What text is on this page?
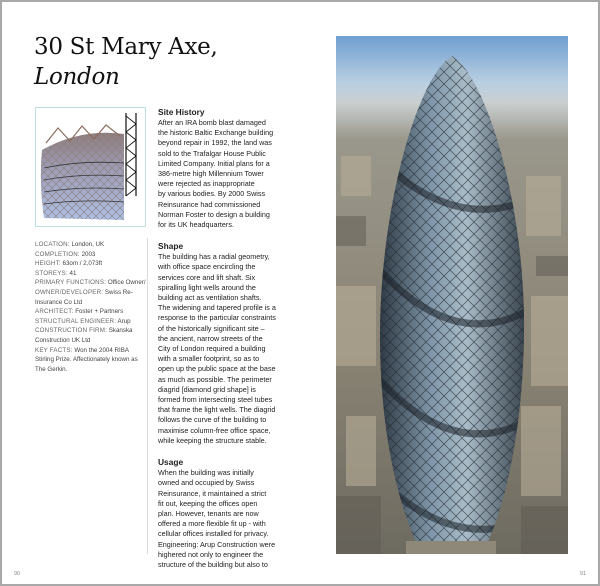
30 St Mary Axe,
London
LOCATION: London, UK
COMPLETION: 2003
HEIGHT: 63om / 2,073ft
STOREYS: 41
PRIMARY FUNCTIONS: Office Owner/
OWNER/DEVELOPER: Swiss Re-Insurance Co Ltd
ARCHITECT: Foster + Partners
STRUCTURAL ENGINEER: Arup
CONSTRUCTION FIRM: Skanska Construction UK Ltd
KEY FACTS: Won the 2004 RIBA Stirling Prize. Affectionately known as The Gerkin.
Site History

After an IRA bomb blast damaged
the historic Baltic Exchange building
beyond repair in 1992, the land was
sold to the Trafalgar House Public
Limited Company. Initial plans for a
386-metre high Millennium Tower
were rejected as inappropriate
by various bodies. By 2000 Swiss
Reinsurance had commissioned
Norman Foster to design a building
for its UK headquarters.

Shape

The building has a radial geometry,
with office space encircling the
services core and lift shaft. Six
spiralling light wells around the
building act as ventilation shafts.
The widening and tapered profile is a
response to the particular constraints
of the historically significant site –
the ancient, narrow streets of the
City of London required a building
with a smaller footprint, so as to
open up the public space at the base
as much as possible. The perimeter
diagrid [diamond grid shape] is
formed from intersecting steel tubes
that frame the light wells. The diagrid
follows the curve of the building to
maximise column-free office space,
while keeping the structure stable.

Usage

When the building was initially
owned and occupied by Swiss
Reinsurance, it maintained a strict
fit out, keeping the offices open
plan. However, tenants are now
offered a more flexible fit up - with
cellular offices installed for privacy.
Engineering: Arup Construction were
highered not only to engineer the
structure of the building but also to

90	91
